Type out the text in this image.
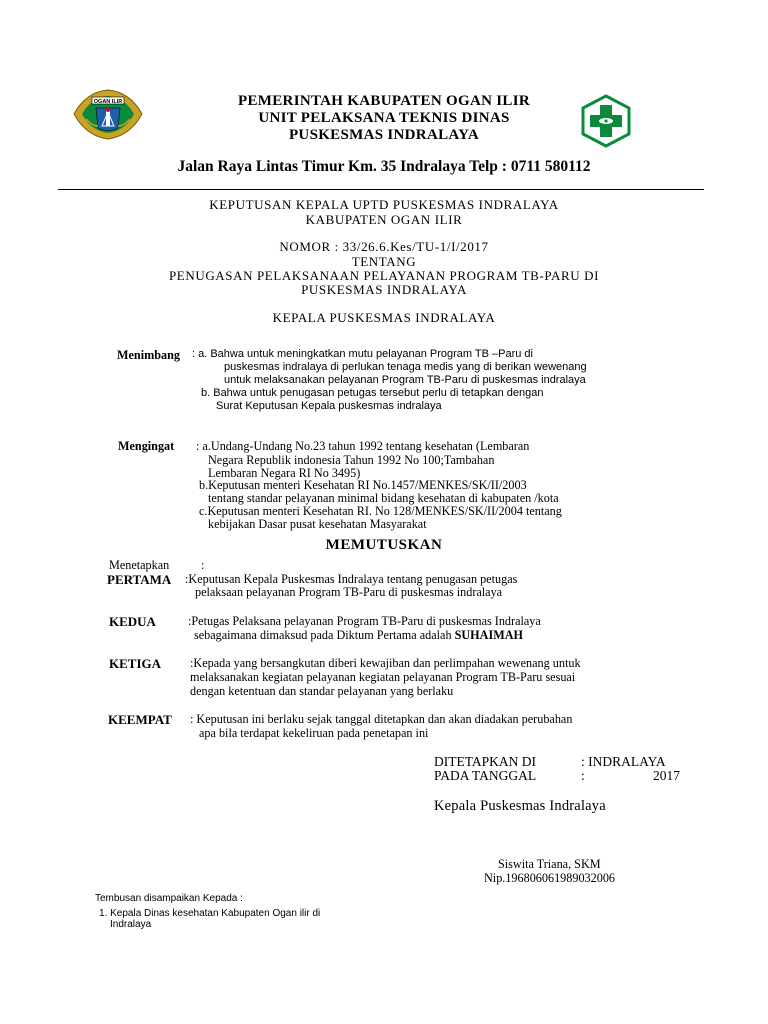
OGAN ILIR	PEMERINTAH KABUPATEN OGAN ILIR
UNIT PELAKSANA TEKNIS DINAS
PUSKESMAS INDRALAYA
Jalan Raya Lintas Timur Km. 35 Indralaya Telp : 0711 580112
KEPUTUSAN KEPALA UPTD PUSKESMAS INDRALAYA
KABUPATEN OGAN ILIR
NOMOR : 33/26.6.Kes/TU-1/I/2017
TENTANG
PENUGASAN PELAKSANAAN PELAYANAN PROGRAM TB-PARU DI
PUSKESMAS INDRALAYA
KEPALA PUSKESMAS INDRALAYA
Menimbang : a. Bahwa untuk meningkatkan mutu pelayanan Program TB –Paru di
puskesmas indralaya di perlukan tenaga medis yang di berikan wewenang
untuk melaksanakan pelayanan Program TB-Paru di puskesmas indralaya
b. Bahwa untuk penugasan petugas tersebut perlu di tetapkan dengan
Surat Keputusan Kepala puskesmas indralaya
Mengingat : a.Undang-Undang No.23 tahun 1992 tentang kesehatan (Lembaran
Negara Republik indonesia Tahun 1992 No 100;Tambahan
Lembaran Negara RI No 3495)
b.Keputusan menteri Kesehatan RI No.1457/MENKES/SK/II/2003
tentang standar pelayanan minimal bidang kesehatan di kabupaten /kota
c.Keputusan menteri Kesehatan RI. No 128/MENKES/SK/II/2004 tentang
kebijakan Dasar pusat kesehatan Masyarakat
MEMUTUSKAN
Menetapkan	:
PERTAMA :Keputusan Kepala Puskesmas Indralaya tentang penugasan petugas
pelaksaan pelayanan Program TB-Paru di puskesmas indralaya
KEDUA	:Petugas Pelaksana pelayanan Program TB-Paru di puskesmas Indralaya
sebagaimana dimaksud pada Diktum Pertama adalah SUHAIMAH
KETIGA :Kepada yang bersangkutan diberi kewajiban dan perlimpahan wewenang untuk
melaksanakan kegiatan pelayanan kegiatan pelayanan Program TB-Paru sesuai
dengan ketentuan dan standar pelayanan yang berlaku
KEEMPAT : Keputusan ini berlaku sejak tanggal ditetapkan dan akan diadakan perubahan
apa bila terdapat kekeliruan pada penetapan ini
DITETAPKAN DI	: INDRALAYA
PADA TANGGAL	:	2017
Kepala Puskesmas Indralaya
Siswita Triana, SKM
Nip.196806061989032006
Tembusan disampaikan Kepada :
1. Kepala Dinas kesehatan Kabupaten Ogan ilir di
Indralaya
